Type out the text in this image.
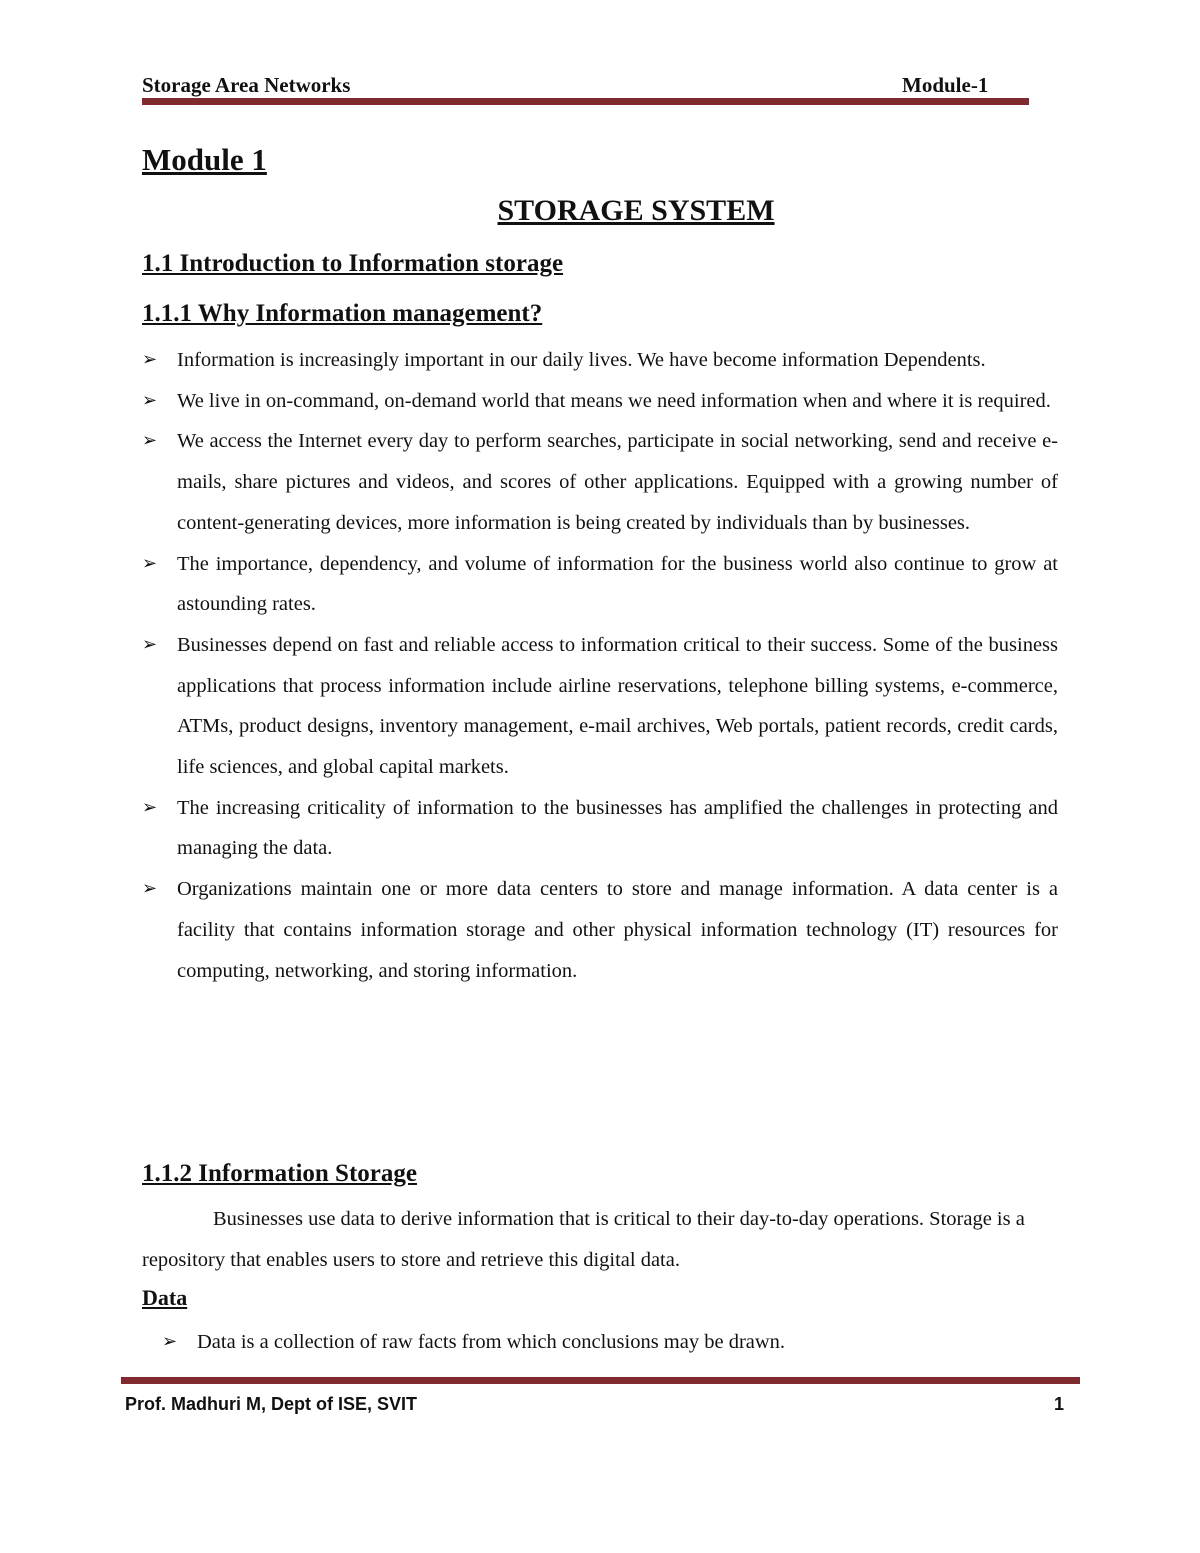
Storage Area Networks	Module-1
Module 1
STORAGE SYSTEM
1.1 Introduction to Information storage
1.1.1 Why Information management?
➢ Information is increasingly important in our daily lives. We have become information Dependents.
➢ We live in on-command, on-demand world that means we need information when and where it is required.
➢ We access the Internet every day to perform searches, participate in social networking, send and receive e-mails, share pictures and videos, and scores of other applications. Equipped with a growing number of content-generating devices, more information is being created by individuals than by businesses.
➢ The importance, dependency, and volume of information for the business world also continue to grow at astounding rates.
➢ Businesses depend on fast and reliable access to information critical to their success. Some of the business applications that process information include airline reservations, telephone billing systems, e-commerce, ATMs, product designs, inventory management, e-mail archives, Web portals, patient records, credit cards, life sciences, and global capital markets.
➢ The increasing criticality of information to the businesses has amplified the challenges in protecting and managing the data.
➢ Organizations maintain one or more data centers to store and manage information. A data center is a facility that contains information storage and other physical information technology (IT) resources for computing, networking, and storing information.
1.1.2 Information Storage
Businesses use data to derive information that is critical to their day-to-day operations. Storage is a repository that enables users to store and retrieve this digital data.
Data
➢ Data is a collection of raw facts from which conclusions may be drawn.
Prof. Madhuri M, Dept of ISE, SVIT	1
